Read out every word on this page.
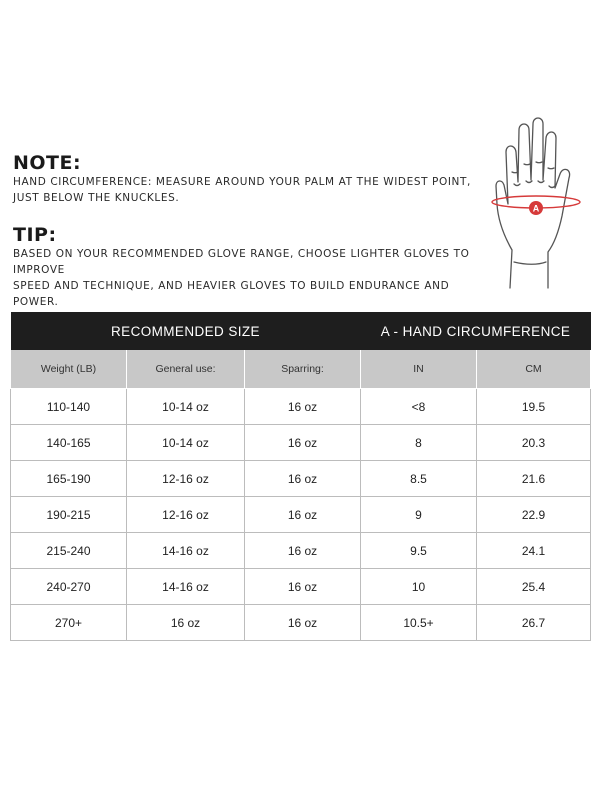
NOTE:

HAND CIRCUMFERENCE: MEASURE AROUND YOUR PALM AT THE WIDEST POINT,
JUST BELOW THE KNUCKLES.

TIP:

BASED ON YOUR RECOMMENDED GLOVE RANGE, CHOOSE LIGHTER GLOVES TO IMPROVE
SPEED AND TECHNIQUE, AND HEAVIER GLOVES TO BUILD ENDURANCE AND POWER.

A
RECOMMENDED SIZE			A - HAND CIRCUMFERENCE	
Weight (LB)	General use:	Sparring:	IN	CM
110-140	10-14 oz	16 oz	<8	19.5
140-165	10-14 oz	16 oz	8	20.3
165-190	12-16 oz	16 oz	8.5	21.6
190-215	12-16 oz	16 oz	9	22.9
215-240	14-16 oz	16 oz	9.5	24.1
240-270	14-16 oz	16 oz	10	25.4
270+	16 oz	16 oz	10.5+	26.7
